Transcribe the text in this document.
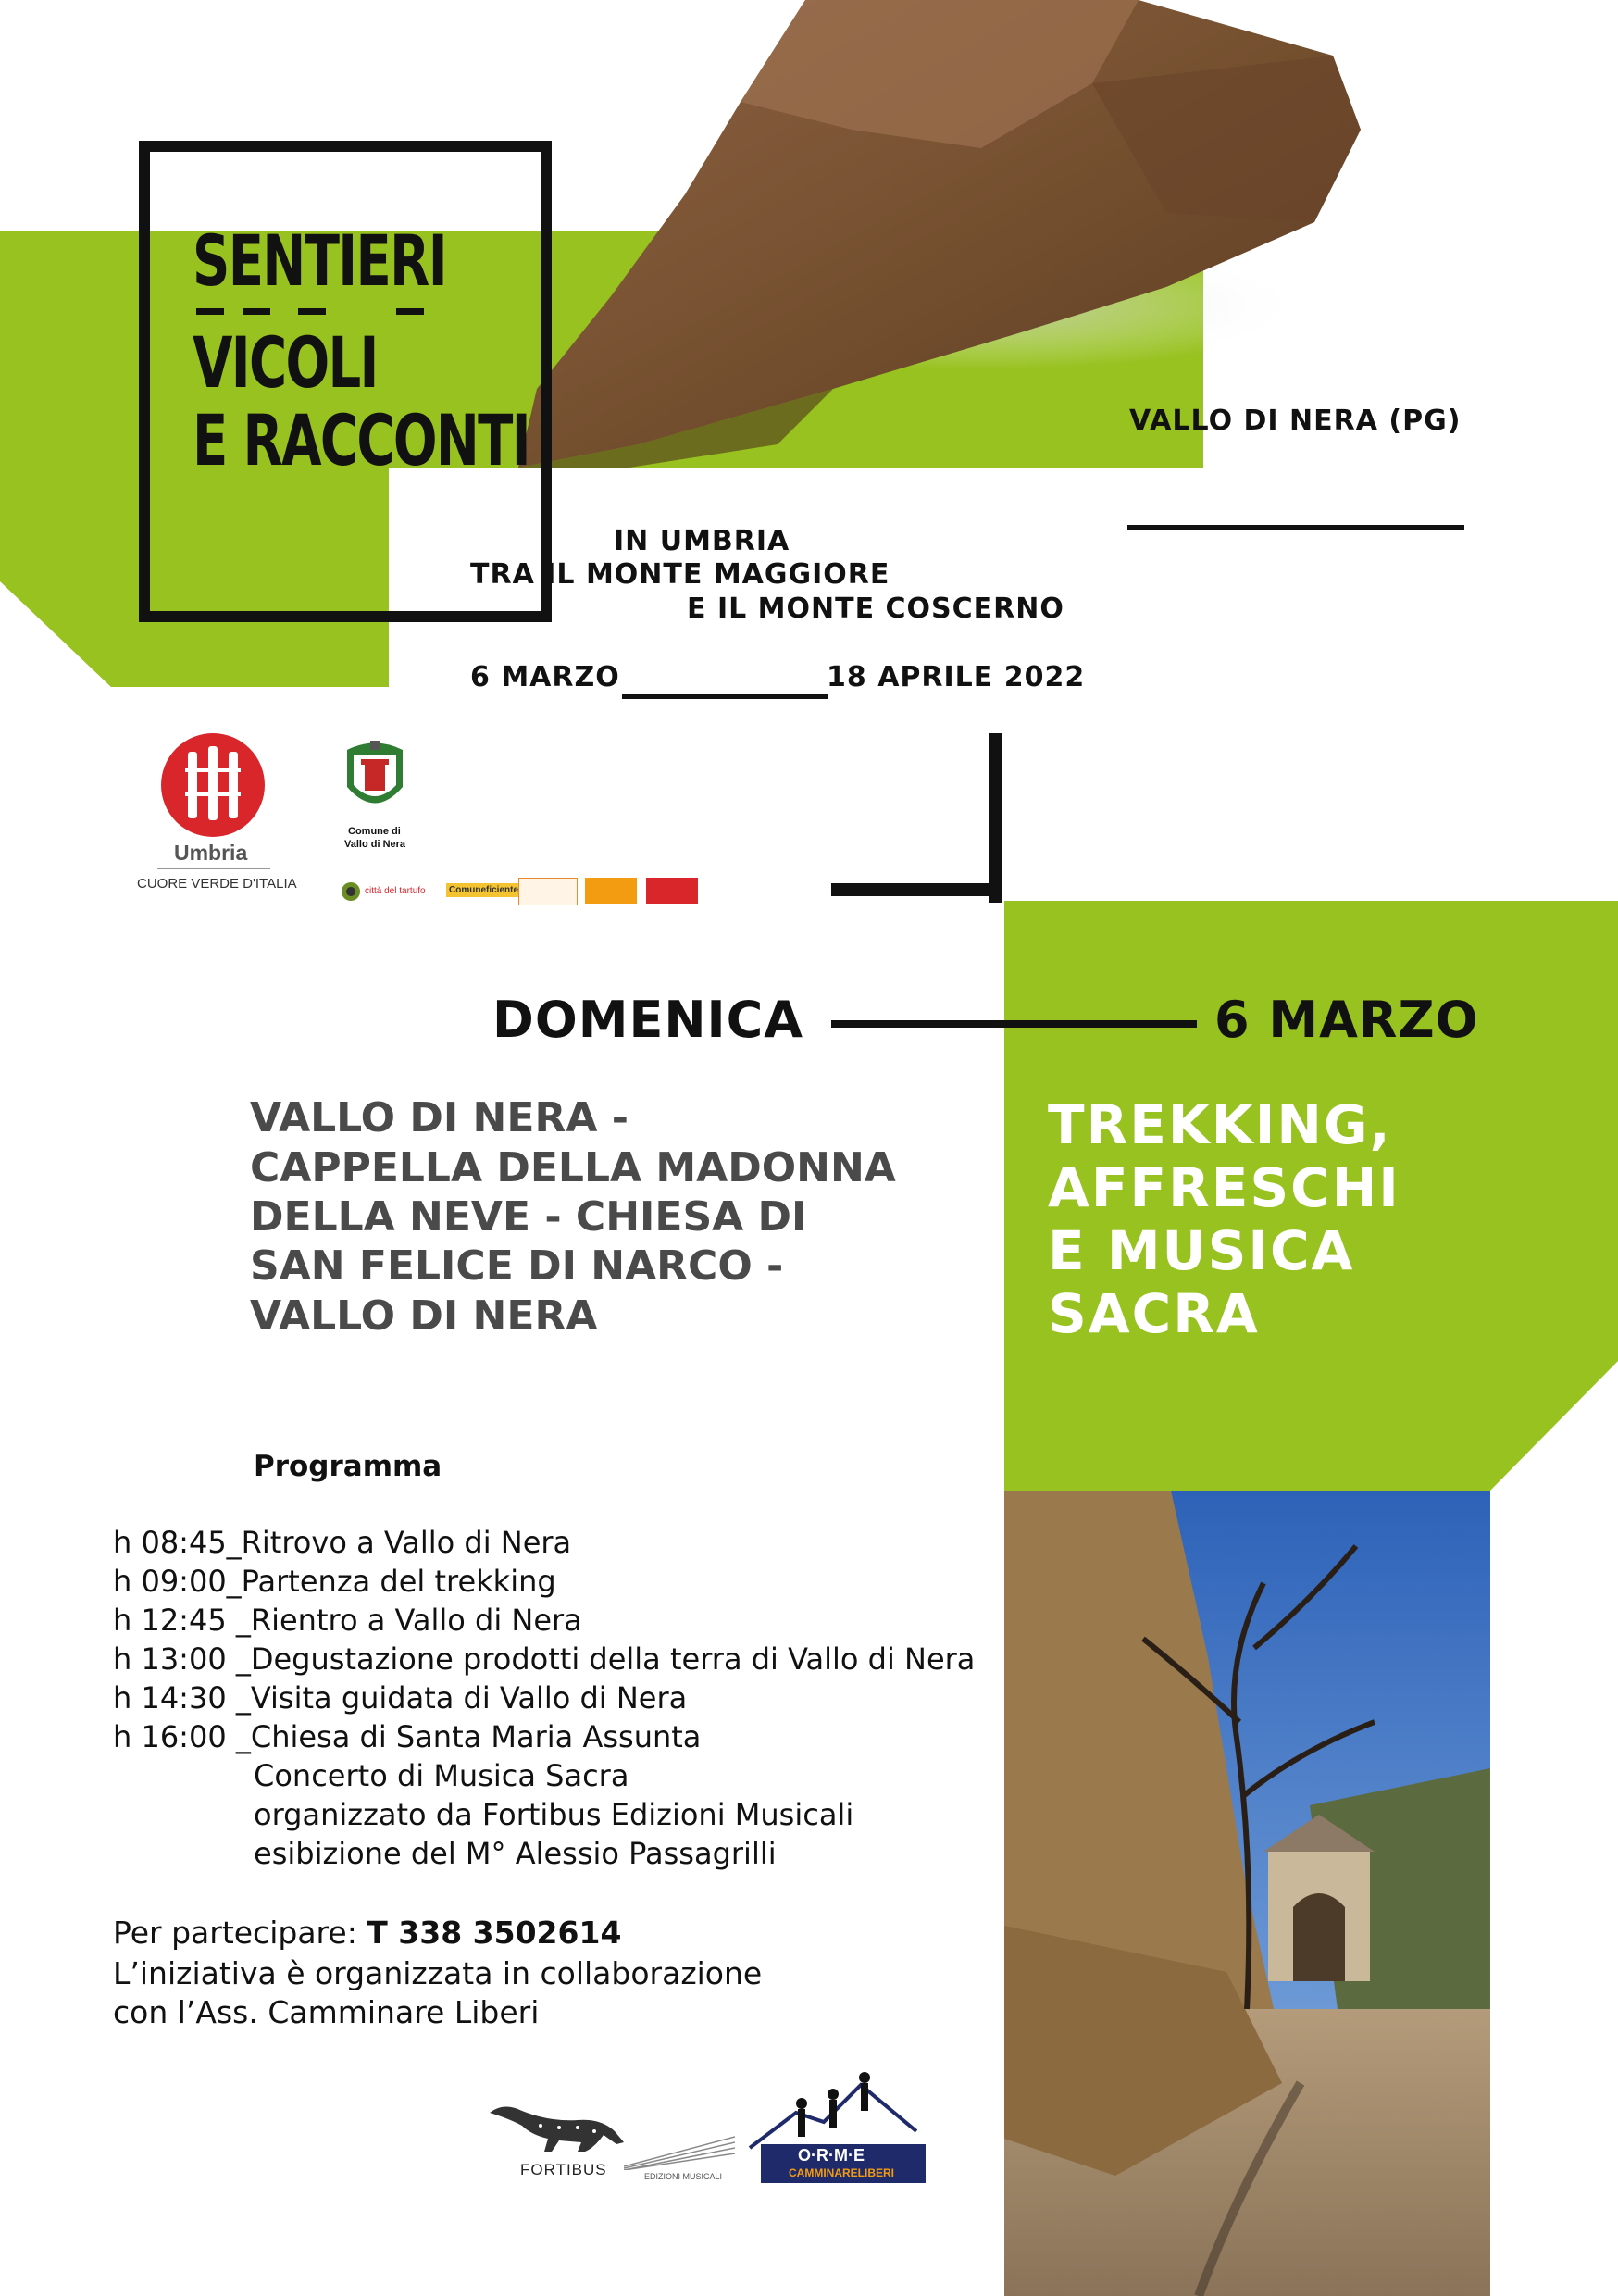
SENTIERI
VICOLI
E RACCONTI	VALLO DI NERA (PG)
IN UMBRIA
TRA IL MONTE MAGGIORE
E IL MONTE COSCERNO
6 MARZO	18 APRILE 2022
Umbria
CUORE VERDE D'ITALIA
Comune di
Vallo di Nera
città del tartufo	Comuneficiente
DOMENICA	6 MARZO
VALLO DI NERA -
CAPPELLA DELLA MADONNA
DELLA NEVE - CHIESA DI
SAN FELICE DI NARCO -
VALLO DI NERA
TREKKING,
AFFRESCHI
E MUSICA
SACRA
Programma
h 08:45_Ritrovo a Vallo di Nera
h 09:00_Partenza del trekking
h 12:45 _Rientro a Vallo di Nera
h 13:00 _Degustazione prodotti della terra di Vallo di Nera
h 14:30 _Visita guidata di Vallo di Nera
h 16:00 _Chiesa di Santa Maria Assunta
Concerto di Musica Sacra
organizzato da Fortibus Edizioni Musicali
esibizione del M° Alessio Passagrilli
Per partecipare: T 338 3502614
L’iniziativa è organizzata in collaborazione
con l’Ass. Camminare Liberi
FORTIBUS	EDIZIONI MUSICALI
O·R·M·E
CAMMINARELIBERI
